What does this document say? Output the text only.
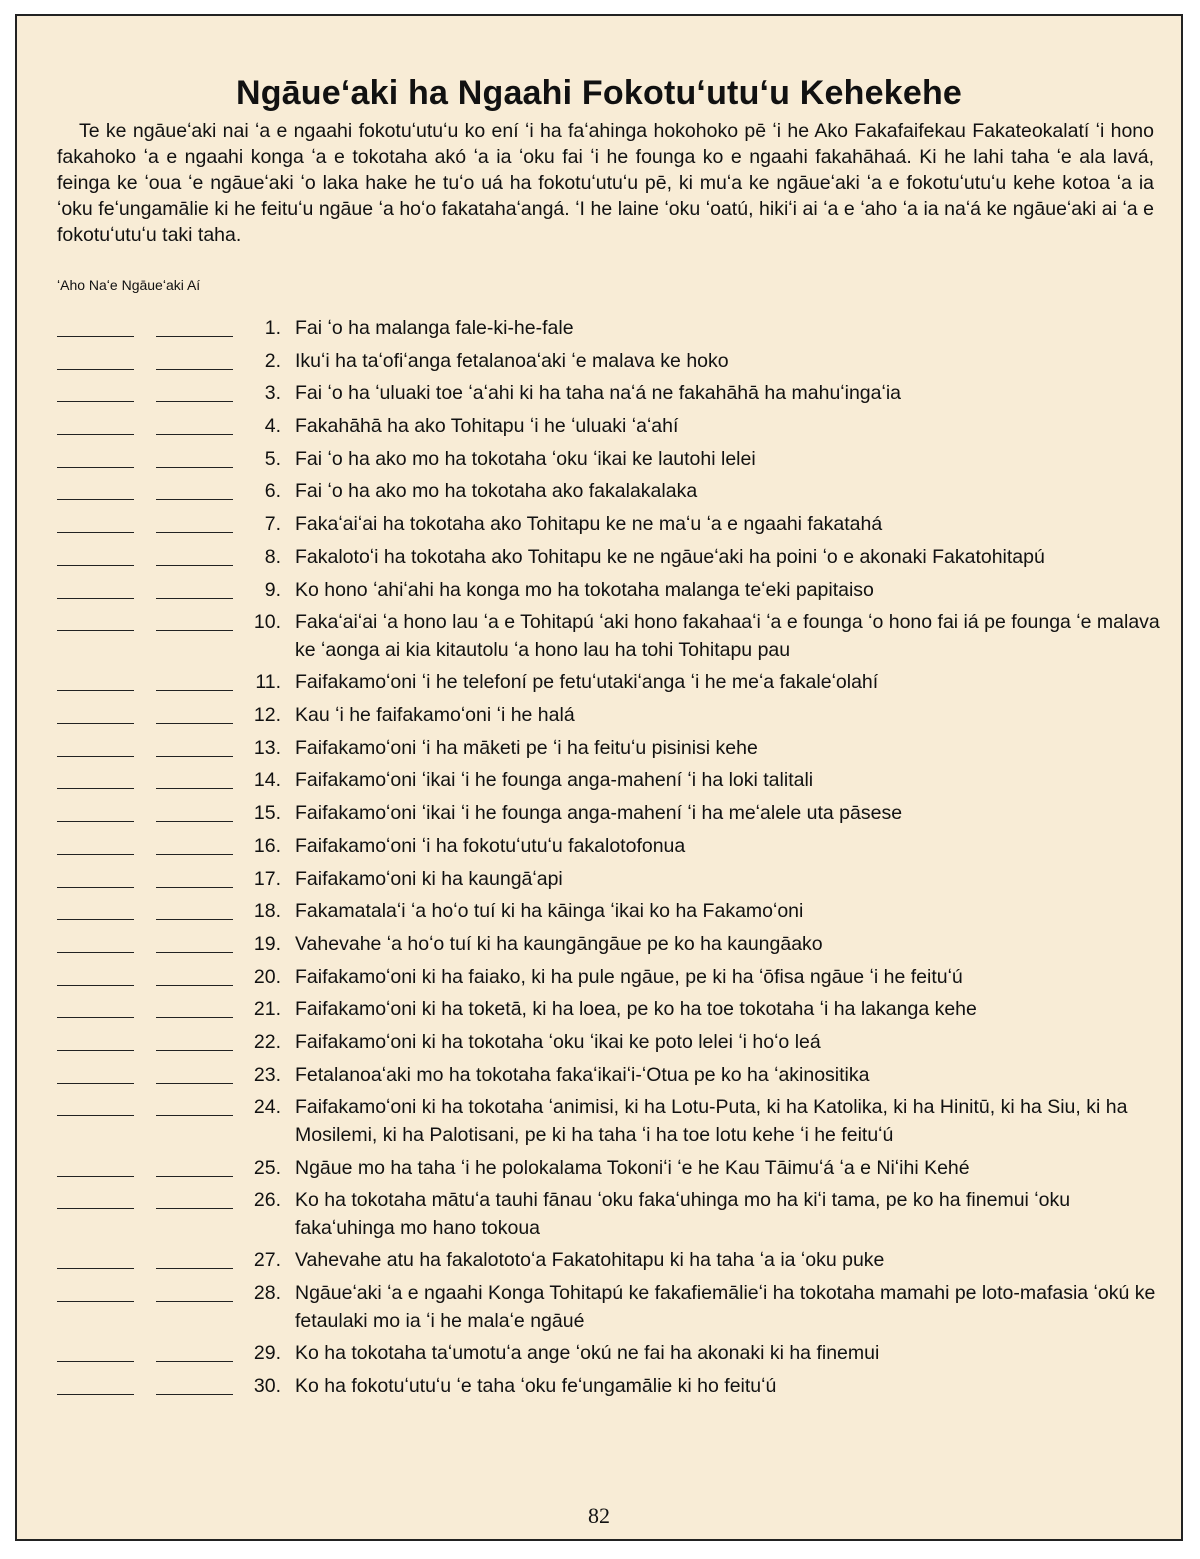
Ngāueʻaki ha Ngaahi Fokotuʻutuʻu Kehekehe

Te ke ngāueʻaki nai ʻa e ngaahi fokotuʻutuʻu ko ení ʻi ha faʻahinga hokohoko pē ʻi he Ako Fakafaifekau Fakateokalatí ʻi hono fakahoko ʻa e ngaahi konga ʻa e tokotaha akó ʻa ia ʻoku fai ʻi he founga ko e ngaahi fakahāhaá. Ki he lahi taha ʻe ala lavá, feinga ke ʻoua ʻe ngāueʻaki ʻo laka hake he tuʻo uá ha fokotuʻutuʻu pē, ki muʻa ke ngāueʻaki ʻa e fokotuʻutuʻu kehe kotoa ʻa ia ʻoku feʻungamālie ki he feituʻu ngāue ʻa hoʻo fakatahaʻangá. ʻI he laine ʻoku ʻoatú, hikiʻi ai ʻa e ʻaho ʻa ia naʻá ke ngāueʻaki ai ʻa e fokotuʻutuʻu taki taha.

ʻAho Naʻe Ngāueʻaki Aí
1. Fai ʻo ha malanga fale-ki-he-fale
2. Ikuʻi ha taʻofiʻanga fetalanoaʻaki ʻe malava ke hoko
3. Fai ʻo ha ʻuluaki toe ʻaʻahi ki ha taha naʻá ne fakahāhā ha mahuʻingaʻia
4. Fakahāhā ha ako Tohitapu ʻi he ʻuluaki ʻaʻahí
5. Fai ʻo ha ako mo ha tokotaha ʻoku ʻikai ke lautohi lelei
6. Fai ʻo ha ako mo ha tokotaha ako fakalakalaka
7. Fakaʻaiʻai ha tokotaha ako Tohitapu ke ne maʻu ʻa e ngaahi fakatahá
8. Fakalotoʻi ha tokotaha ako Tohitapu ke ne ngāueʻaki ha poini ʻo e akonaki Fakatohitapú
9. Ko hono ʻahiʻahi ha konga mo ha tokotaha malanga teʻeki papitaiso
10. Fakaʻaiʻai ʻa hono lau ʻa e Tohitapú ʻaki hono fakahaaʻi ʻa e founga ʻo hono fai iá pe founga ʻe malava ke ʻaonga ai kia kitautolu ʻa hono lau ha tohi Tohitapu pau
11. Faifakamoʻoni ʻi he telefoní pe fetuʻutakiʻanga ʻi he meʻa fakaleʻolahí
12. Kau ʻi he faifakamoʻoni ʻi he halá
13. Faifakamoʻoni ʻi ha māketi pe ʻi ha feituʻu pisinisi kehe
14. Faifakamoʻoni ʻikai ʻi he founga anga-mahení ʻi ha loki talitali
15. Faifakamoʻoni ʻikai ʻi he founga anga-mahení ʻi ha meʻalele uta pāsese
16. Faifakamoʻoni ʻi ha fokotuʻutuʻu fakalotofonua
17. Faifakamoʻoni ki ha kaungāʻapi
18. Fakamatalaʻi ʻa hoʻo tuí ki ha kāinga ʻikai ko ha Fakamoʻoni
19. Vahevahe ʻa hoʻo tuí ki ha kaungāngāue pe ko ha kaungāako
20. Faifakamoʻoni ki ha faiako, ki ha pule ngāue, pe ki ha ʻōfisa ngāue ʻi he feituʻú
21. Faifakamoʻoni ki ha toketā, ki ha loea, pe ko ha toe tokotaha ʻi ha lakanga kehe
22. Faifakamoʻoni ki ha tokotaha ʻoku ʻikai ke poto lelei ʻi hoʻo leá
23. Fetalanoaʻaki mo ha tokotaha fakaʻikaiʻi-ʻOtua pe ko ha ʻakinositika
24. Faifakamoʻoni ki ha tokotaha ʻanimisi, ki ha Lotu-Puta, ki ha Katolika, ki ha Hinitū, ki ha Siu, ki ha Mosilemi, ki ha Palotisani, pe ki ha taha ʻi ha toe lotu kehe ʻi he feituʻú
25. Ngāue mo ha taha ʻi he polokalama Tokoniʻi ʻe he Kau Tāimuʻá ʻa e Niʻihi Kehé
26. Ko ha tokotaha mātuʻa tauhi fānau ʻoku fakaʻuhinga mo ha kiʻi tama, pe ko ha finemui ʻoku fakaʻuhinga mo hano tokoua
27. Vahevahe atu ha fakalototoʻa Fakatohitapu ki ha taha ʻa ia ʻoku puke
28. Ngāueʻaki ʻa e ngaahi Konga Tohitapú ke fakafiemālieʻi ha tokotaha mamahi pe loto-mafasia ʻokú ke fetaulaki mo ia ʻi he malaʻe ngāué
29. Ko ha tokotaha taʻumotuʻa ange ʻokú ne fai ha akonaki ki ha finemui
30. Ko ha fokotuʻutuʻu ʻe taha ʻoku feʻungamālie ki ho feituʻú
82
